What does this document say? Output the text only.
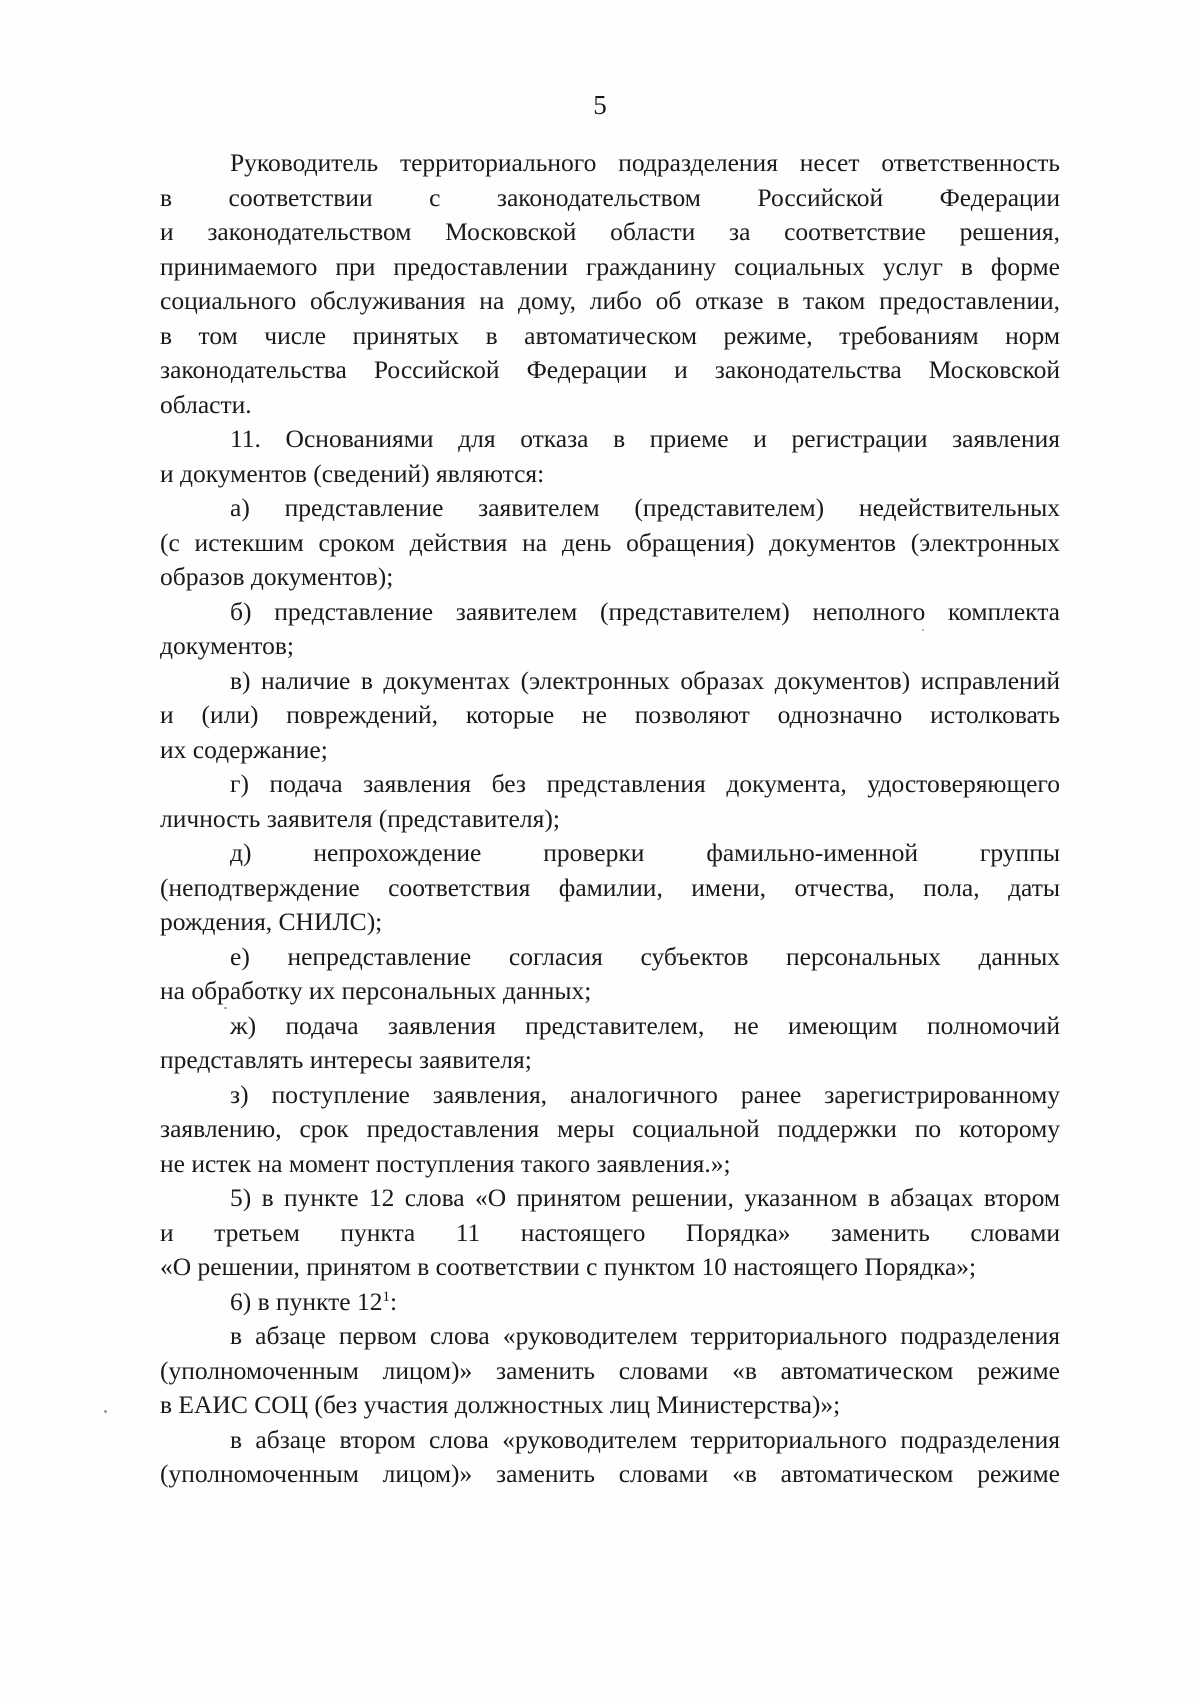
5
Руководитель территориального подразделения несет ответственность
в соответствии с законодательством Российской Федерации
и законодательством Московской области за соответствие решения,
принимаемого при предоставлении гражданину социальных услуг в форме
социального обслуживания на дому, либо об отказе в таком предоставлении,
в том числе принятых в автоматическом режиме, требованиям норм
законодательства Российской Федерации и законодательства Московской
области.
11. Основаниями для отказа в приеме и регистрации заявления
и документов (сведений) являются:
а) представление заявителем (представителем) недействительных
(с истекшим сроком действия на день обращения) документов (электронных
образов документов);
б) представление заявителем (представителем) неполного комплекта
документов;
в) наличие в документах (электронных образах документов) исправлений
и (или) повреждений, которые не позволяют однозначно истолковать
их содержание;
г) подача заявления без представления документа, удостоверяющего
личность заявителя (представителя);
д) непрохождение проверки фамильно-именной группы
(неподтверждение соответствия фамилии, имени, отчества, пола, даты
рождения, СНИЛС);
е) непредставление согласия субъектов персональных данных
на обработку их персональных данных;
ж) подача заявления представителем, не имеющим полномочий
представлять интересы заявителя;
з) поступление заявления, аналогичного ранее зарегистрированному
заявлению, срок предоставления меры социальной поддержки по которому
не истек на момент поступления такого заявления.»;
5) в пункте 12 слова «О принятом решении, указанном в абзацах втором
и третьем пункта 11 настоящего Порядка» заменить словами
«О решении, принятом в соответствии с пунктом 10 настоящего Порядка»;
6) в пункте $12^1$:
в абзаце первом слова «руководителем территориального подразделения
(уполномоченным лицом)» заменить словами «в автоматическом режиме
в ЕАИС СОЦ (без участия должностных лиц Министерства)»;
в абзаце втором слова «руководителем территориального подразделения
(уполномоченным лицом)» заменить словами «в автоматическом режиме
